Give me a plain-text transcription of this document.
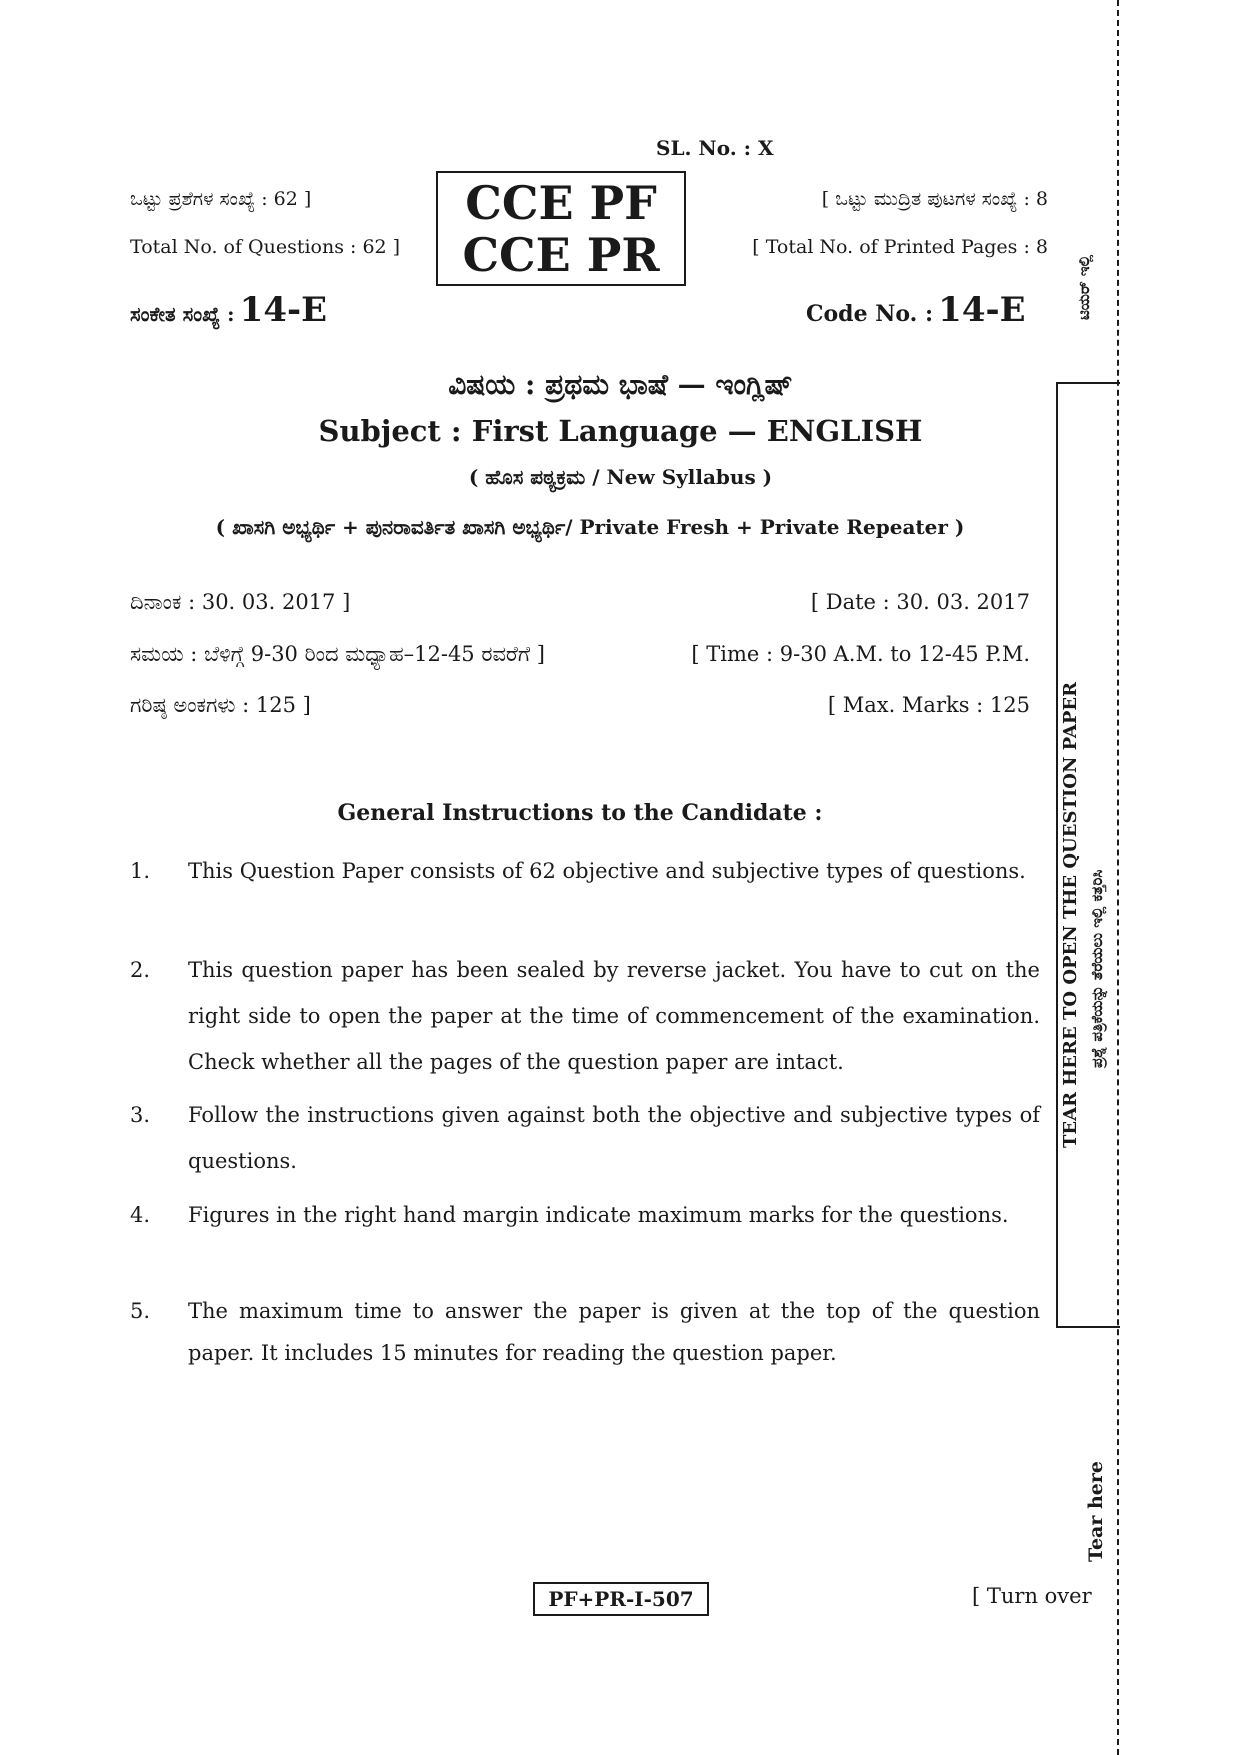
SL. No. : X
ಒಟ್ಟು ಪ್ರಶೆಗಳ ಸಂಖ್ಯೆ : 62 ]
Total No. of Questions : 62 ]
CCE PF
CCE PR
[ ಒಟ್ಟು ಮುದ್ರಿತ ಪುಟಗಳ ಸಂಖ್ಯೆ : 8
[ Total No. of Printed Pages : 8
ಸಂಕೇತ ಸಂಖ್ಯೆ : 14-E	Code No. : 14-E
ವಿಷಯ : ಪ್ರಥಮ ಭಾಷೆ — ಇಂಗ್ಲಿಷ್
Subject : First Language — ENGLISH
( ಹೊಸ ಪಠ್ಯಕ್ರಮ / New Syllabus )
( ಖಾಸಗಿ ಅಭ್ಯರ್ಥಿ + ಪುನರಾವರ್ತಿತ ಖಾಸಗಿ ಅಭ್ಯರ್ಥಿ/ Private Fresh + Private Repeater )
ದಿನಾಂಕ : 30. 03. 2017 ]	[ Date : 30. 03. 2017
ಸಮಯ : ಬೆಳಿಗ್ಗೆ 9-30 ರಿಂದ ಮಧ್ಯಾಹ–12-45 ರವರೆಗೆ ]	[ Time : 9-30 A.M. to 12-45 P.M.
ಗರಿಷ್ಠ ಅಂಕಗಳು : 125 ]	[ Max. Marks : 125
General Instructions to the Candidate :
1. This Question Paper consists of 62 objective and subjective types of questions.
2. This question paper has been sealed by reverse jacket. You have to cut on the right side to open the paper at the time of commencement of the examination. Check whether all the pages of the question paper are intact.
3. Follow the instructions given against both the objective and subjective types of questions.
4. Figures in the right hand margin indicate maximum marks for the questions.
5. The maximum time to answer the paper is given at the top of the question paper. It includes 15 minutes for reading the question paper.
ಟಿಯರ್ ಇಲ್ಲಿ
TEAR HERE TO OPEN THE QUESTION PAPER ಪ್ರಶ್ನೆ ಪತ್ರಿಕೆಯನ್ನು ತೆರೆಯಲು ಇಲ್ಲಿ ಕತ್ತರಿಸಿ
Tear here
PF+PR-I-507	[ Turn over
